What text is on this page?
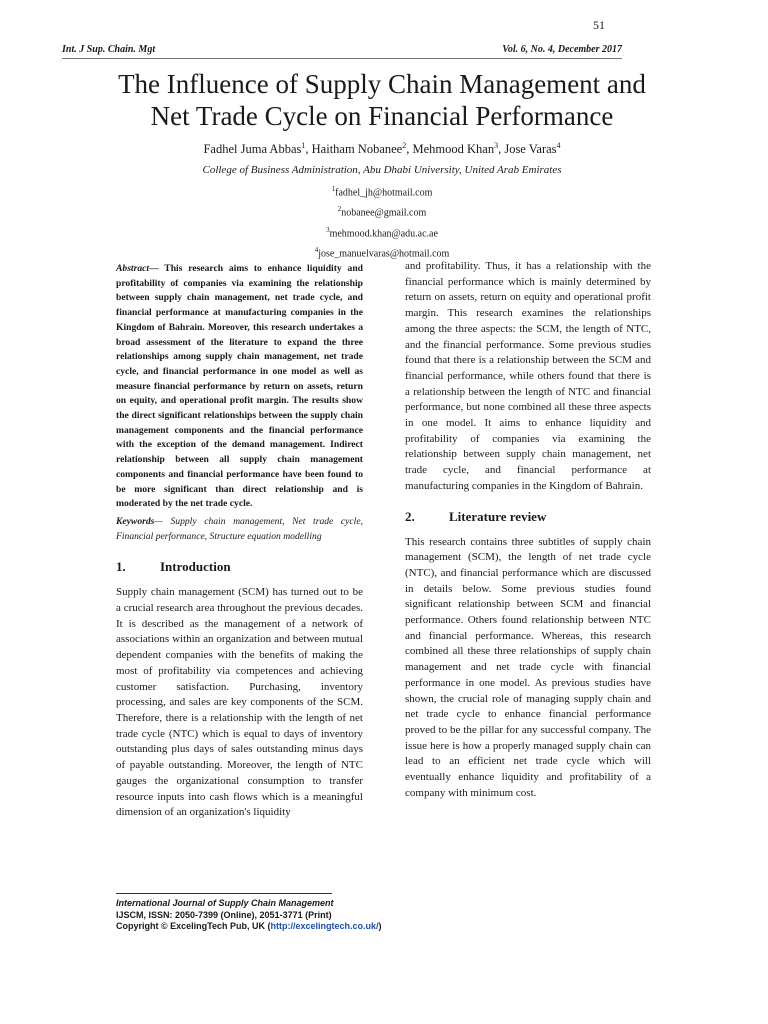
51
Int. J Sup. Chain. Mgt	Vol. 6, No. 4, December 2017
The Influence of Supply Chain Management and
Net Trade Cycle on Financial Performance
Fadhel Juma Abbas$^1$, Haitham Nobanee$^2$, Mehmood Khan$^3$, Jose Varas$^4$
College of Business Administration, Abu Dhabi University, United Arab Emirates
$^1$fadhel_jh@hotmail.com
$^2$nobanee@gmail.com
$^3$mehmood.khan@adu.ac.ae
$^4$jose_manuelvaras@hotmail.com

Abstract— This research aims to enhance liquidity and profitability of companies via examining the relationship between supply chain management, net trade cycle, and financial performance at manufacturing companies in the Kingdom of Bahrain. Moreover, this research undertakes a broad assessment of the literature to expand the three relationships among supply chain management, net trade cycle, and financial performance in one model as well as measure financial performance by return on assets, return on equity, and operational profit margin. The results show the direct significant relationships between the supply chain management components and the financial performance with the exception of the demand management. Indirect relationship between all supply chain management components and financial performance have been found to be more significant than direct relationship and is moderated by the net trade cycle.

Keywords— Supply chain management, Net trade cycle, Financial performance, Structure equation modelling

1.	Introduction

Supply chain management (SCM) has turned out to be a crucial research area throughout the previous decades. It is described as the management of a network of associations within an organization and between mutual dependent companies with the benefits of making the most of profitability via competences and achieving customer satisfaction. Purchasing, inventory processing, and sales are key components of the SCM. Therefore, there is a relationship with the length of net trade cycle (NTC) which is equal to days of inventory outstanding plus days of sales outstanding minus days of payable outstanding. Moreover, the length of NTC gauges the organizational consumption to transfer resource inputs into cash flows which is a meaningful dimension of an organization's liquidity

and profitability. Thus, it has a relationship with the financial performance which is mainly determined by return on assets, return on equity and operational profit margin. This research examines the relationships among the three aspects: the SCM, the length of NTC, and the financial performance. Some previous studies found that there is a relationship between the SCM and financial performance, while others found that there is a relationship between the length of NTC and financial performance, but none combined all these three aspects in one model. It aims to enhance liquidity and profitability of companies via examining the relationship between supply chain management, net trade cycle, and financial performance at manufacturing companies in the Kingdom of Bahrain.

2.	Literature review

This research contains three subtitles of supply chain management (SCM), the length of net trade cycle (NTC), and financial performance which are discussed in details below. Some previous studies found significant relationship between SCM and financial performance. Others found relationship between NTC and financial performance. Whereas, this research combined all these three relationships of supply chain management and net trade cycle with financial performance in one model. As previous studies have shown, the crucial role of managing supply chain and net trade cycle to enhance financial performance proved to be the pillar for any successful company. The issue here is how a properly managed supply chain can lead to an efficient net trade cycle which will eventually enhance liquidity and profitability of a company with minimum cost.

International Journal of Supply Chain Management
IJSCM, ISSN: 2050-7399 (Online), 2051-3771 (Print)
Copyright © ExcelingTech Pub, UK (http://excelingtech.co.uk/)
